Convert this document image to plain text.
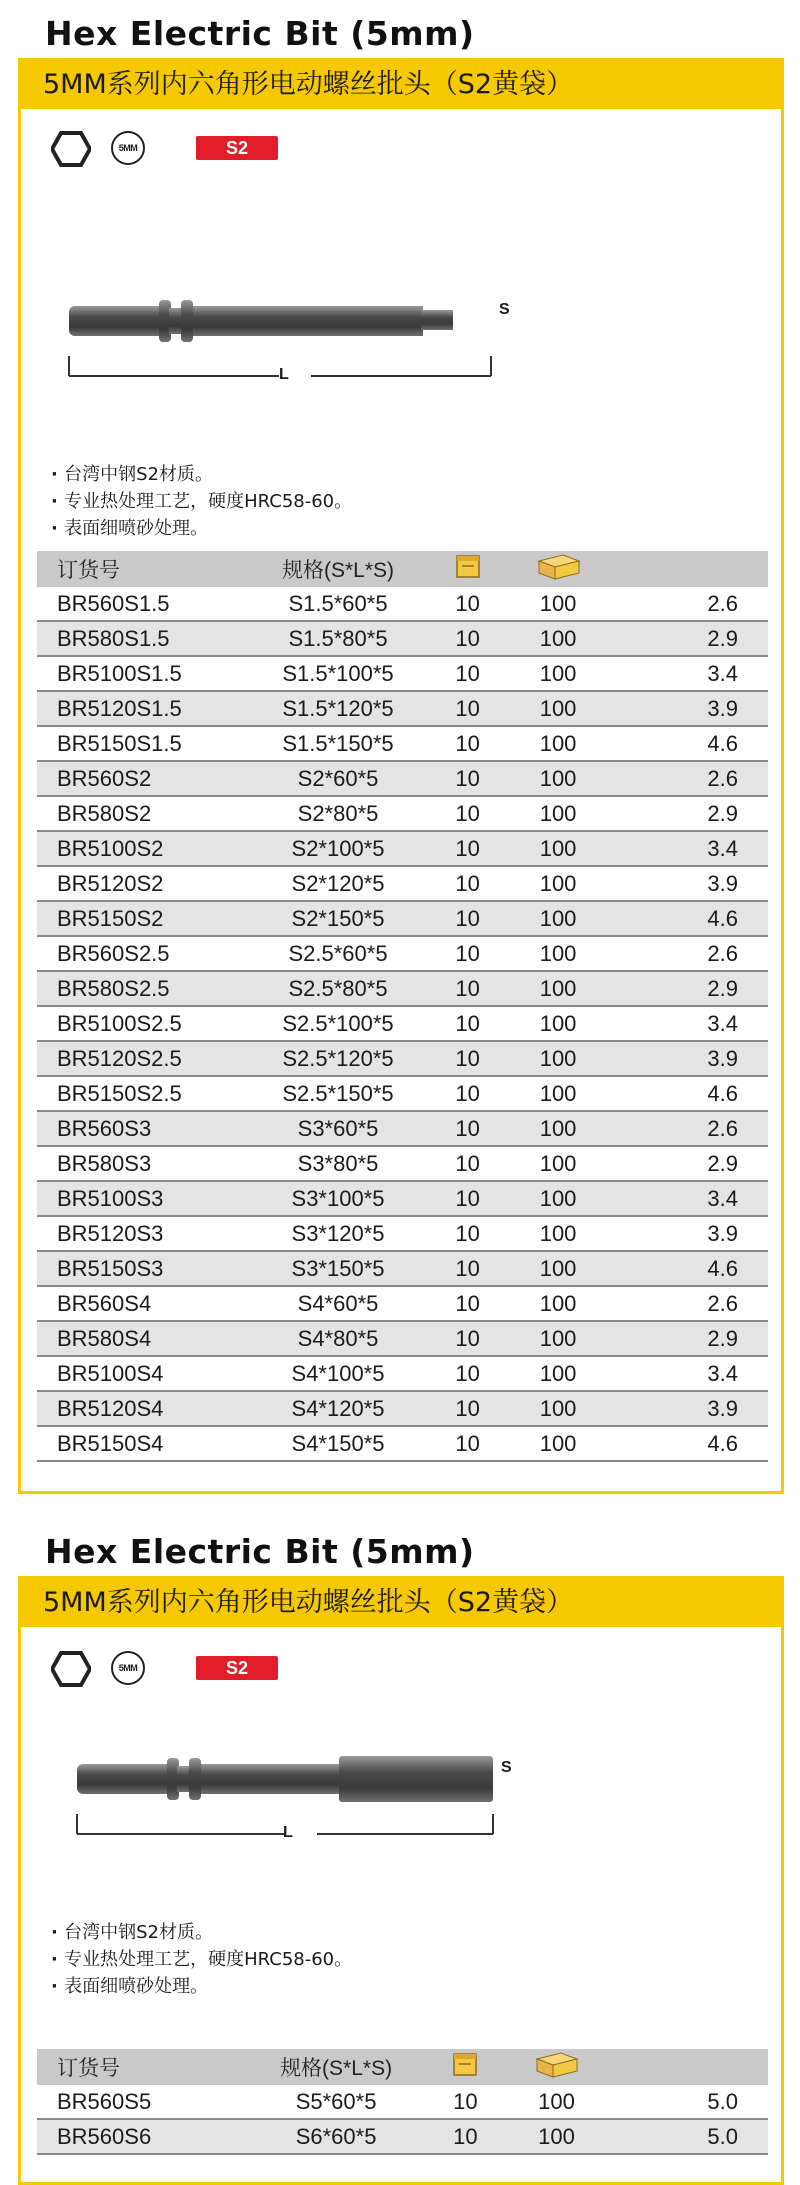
Hex Electric Bit (5mm)
5MM系列内六角形电动螺丝批头（S2黄袋）
5MM	S2
S
L
· 台湾中钢S2材质。
· 专业热处理工艺，硬度HRC58-60。
· 表面细喷砂处理。
订货号	规格(S*L*S)			
BR560S1.5	S1.5*60*5	10	100	2.6
BR580S1.5	S1.5*80*5	10	100	2.9
BR5100S1.5	S1.5*100*5	10	100	3.4
BR5120S1.5	S1.5*120*5	10	100	3.9
BR5150S1.5	S1.5*150*5	10	100	4.6
BR560S2	S2*60*5	10	100	2.6
BR580S2	S2*80*5	10	100	2.9
BR5100S2	S2*100*5	10	100	3.4
BR5120S2	S2*120*5	10	100	3.9
BR5150S2	S2*150*5	10	100	4.6
BR560S2.5	S2.5*60*5	10	100	2.6
BR580S2.5	S2.5*80*5	10	100	2.9
BR5100S2.5	S2.5*100*5	10	100	3.4
BR5120S2.5	S2.5*120*5	10	100	3.9
BR5150S2.5	S2.5*150*5	10	100	4.6
BR560S3	S3*60*5	10	100	2.6
BR580S3	S3*80*5	10	100	2.9
BR5100S3	S3*100*5	10	100	3.4
BR5120S3	S3*120*5	10	100	3.9
BR5150S3	S3*150*5	10	100	4.6
BR560S4	S4*60*5	10	100	2.6
BR580S4	S4*80*5	10	100	2.9
BR5100S4	S4*100*5	10	100	3.4
BR5120S4	S4*120*5	10	100	3.9
BR5150S4	S4*150*5	10	100	4.6
Hex Electric Bit (5mm)
5MM系列内六角形电动螺丝批头（S2黄袋）
5MM	S2
S
L
· 台湾中钢S2材质。
· 专业热处理工艺，硬度HRC58-60。
· 表面细喷砂处理。
订货号	规格(S*L*S)			
BR560S5	S5*60*5	10	100	5.0
BR560S6	S6*60*5	10	100	5.0
